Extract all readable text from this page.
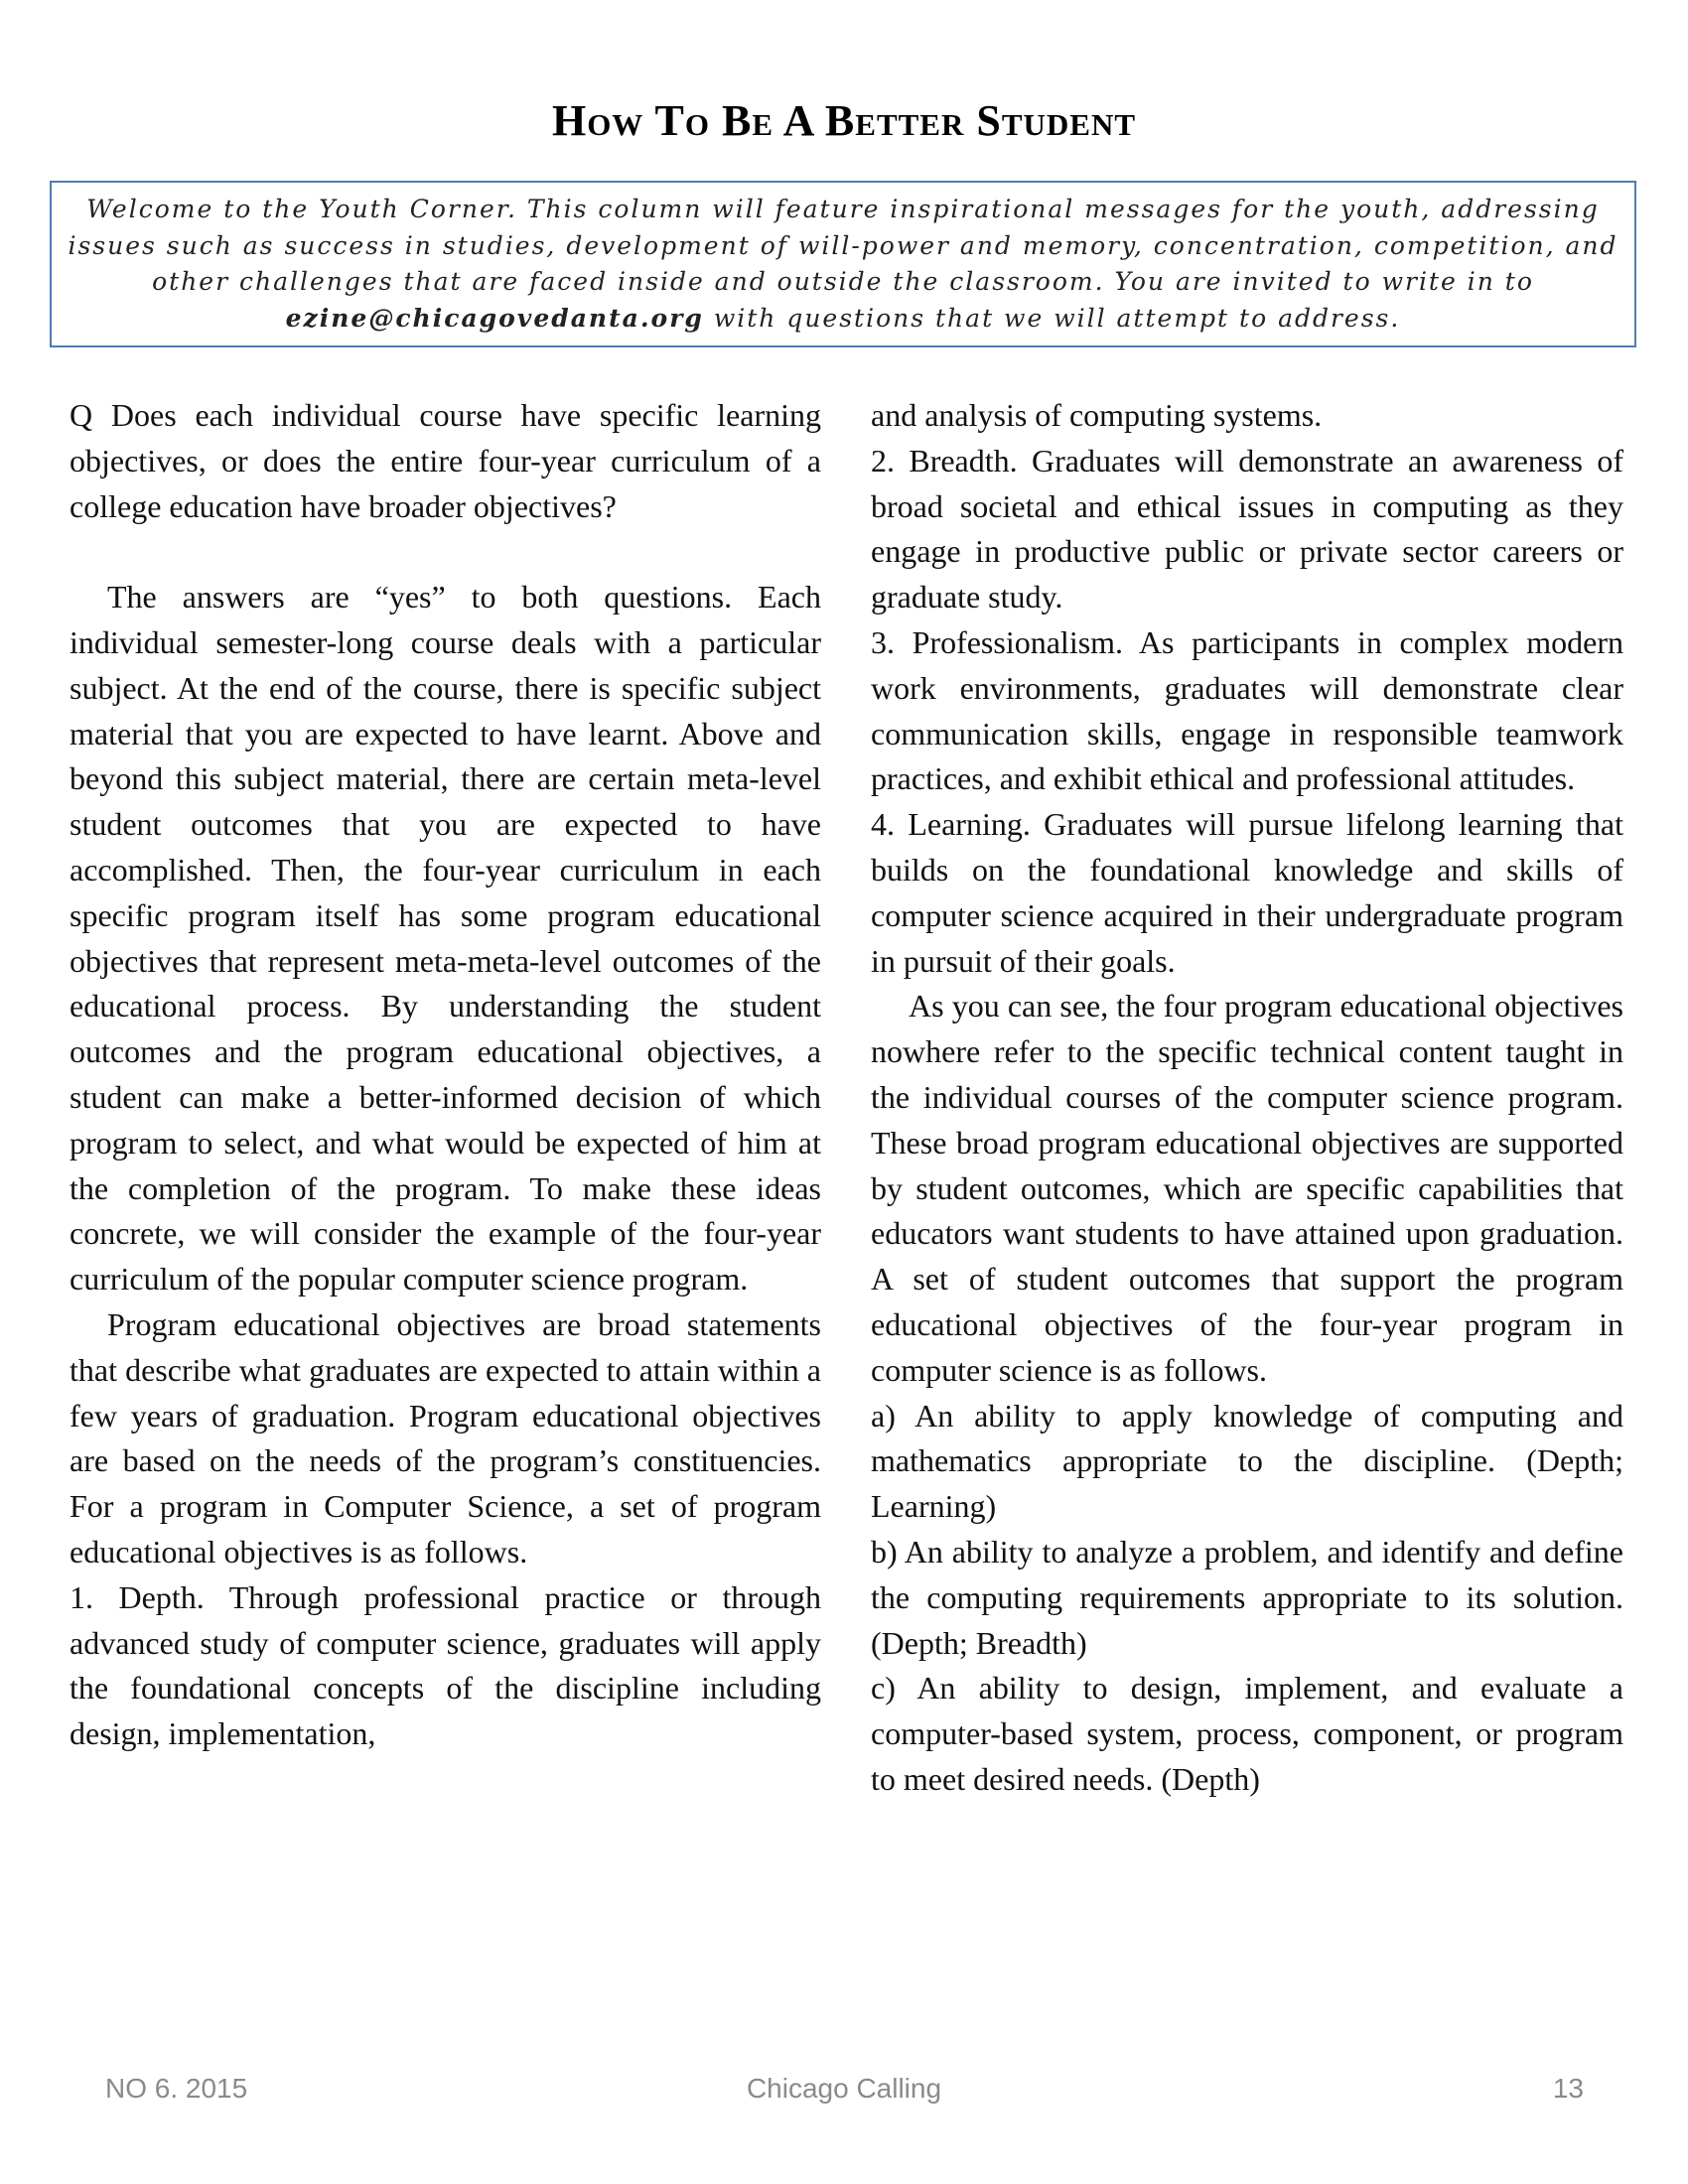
How To Be A Better Student
Welcome to the Youth Corner. This column will feature inspirational messages for the youth, addressing issues such as success in studies, development of will-power and memory, concentration, competition, and other challenges that are faced inside and outside the classroom. You are invited to write in to ezine@chicagovedanta.org with questions that we will attempt to address.

Q Does each individual course have specific learning objectives, or does the entire four-year curriculum of a college education have broader objectives?

The answers are “yes” to both questions. Each individual semester-long course deals with a particular subject. At the end of the course, there is specific subject material that you are expected to have learnt. Above and beyond this subject material, there are certain meta-level student outcomes that you are expected to have accomplished. Then, the four-year curriculum in each specific program itself has some program educational objectives that represent meta-meta-level outcomes of the educational process. By understanding the student outcomes and the program educational objectives, a student can make a better-informed decision of which program to select, and what would be expected of him at the completion of the program. To make these ideas concrete, we will consider the example of the four-year curriculum of the popular computer science program.

Program educational objectives are broad statements that describe what graduates are expected to attain within a few years of graduation. Program educational objectives are based on the needs of the program’s constituencies. For a program in Computer Science, a set of program educational objectives is as follows.

1. Depth. Through professional practice or through advanced study of computer science, graduates will apply the foundational concepts of the discipline including design, implementation,

and analysis of computing systems.

2. Breadth. Graduates will demonstrate an awareness of broad societal and ethical issues in computing as they engage in productive public or private sector careers or graduate study.

3. Professionalism. As participants in complex modern work environments, graduates will demonstrate clear communication skills, engage in responsible teamwork practices, and exhibit ethical and professional attitudes.

4. Learning. Graduates will pursue lifelong learning that builds on the foundational knowledge and skills of computer science acquired in their undergraduate program in pursuit of their goals.

As you can see, the four program educational objectives nowhere refer to the specific technical content taught in the individual courses of the computer science program. These broad program educational objectives are supported by student outcomes, which are specific capabilities that educators want students to have attained upon graduation. A set of student outcomes that support the program educational objectives of the four-year program in computer science is as follows.

a) An ability to apply knowledge of computing and mathematics appropriate to the discipline. (Depth; Learning)

b) An ability to analyze a problem, and identify and define the computing requirements appropriate to its solution. (Depth; Breadth)

c) An ability to design, implement, and evaluate a computer-based system, process, component, or program to meet desired needs. (Depth)

NO 6. 2015	Chicago Calling	13
